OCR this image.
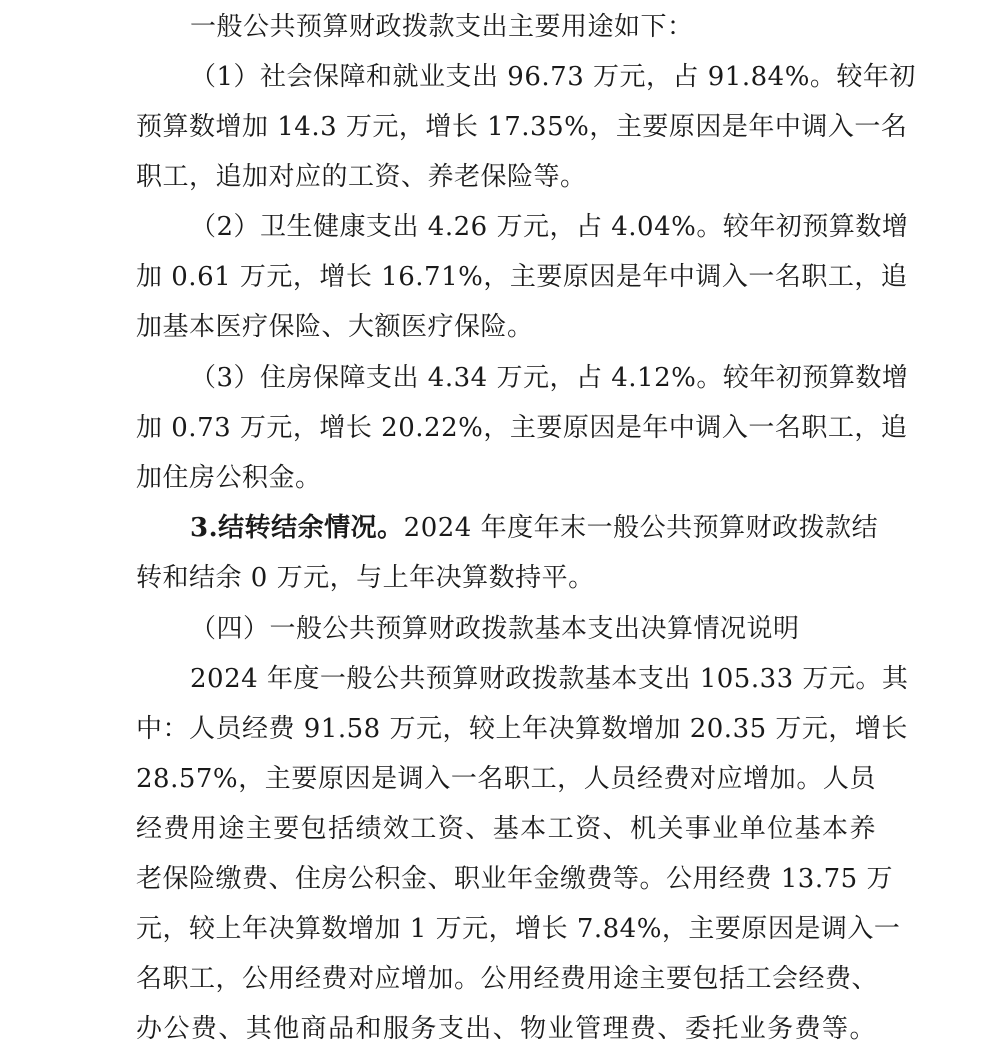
一般公共预算财政拨款支出主要用途如下：
（1）社会保障和就业支出 96.73 万元，占 91.84%。较年初
预算数增加 14.3 万元，增长 17.35%，主要原因是年中调入一名
职工，追加对应的工资、养老保险等。
（2）卫生健康支出 4.26 万元，占 4.04%。较年初预算数增
加 0.61 万元，增长 16.71%，主要原因是年中调入一名职工，追
加基本医疗保险、大额医疗保险。
（3）住房保障支出 4.34 万元，占 4.12%。较年初预算数增
加 0.73 万元，增长 20.22%，主要原因是年中调入一名职工，追
加住房公积金。
3.结转结余情况。2024 年度年末一般公共预算财政拨款结
转和结余 0 万元，与上年决算数持平。
（四）一般公共预算财政拨款基本支出决算情况说明
2024 年度一般公共预算财政拨款基本支出 105.33 万元。其
中：人员经费 91.58 万元，较上年决算数增加 20.35 万元，增长
28.57%，主要原因是调入一名职工，人员经费对应增加。人员
经费用途主要包括绩效工资、基本工资、机关事业单位基本养
老保险缴费、住房公积金、职业年金缴费等。公用经费 13.75 万
元，较上年决算数增加 1 万元，增长 7.84%，主要原因是调入一
名职工，公用经费对应增加。公用经费用途主要包括工会经费、
办公费、其他商品和服务支出、物业管理费、委托业务费等。
